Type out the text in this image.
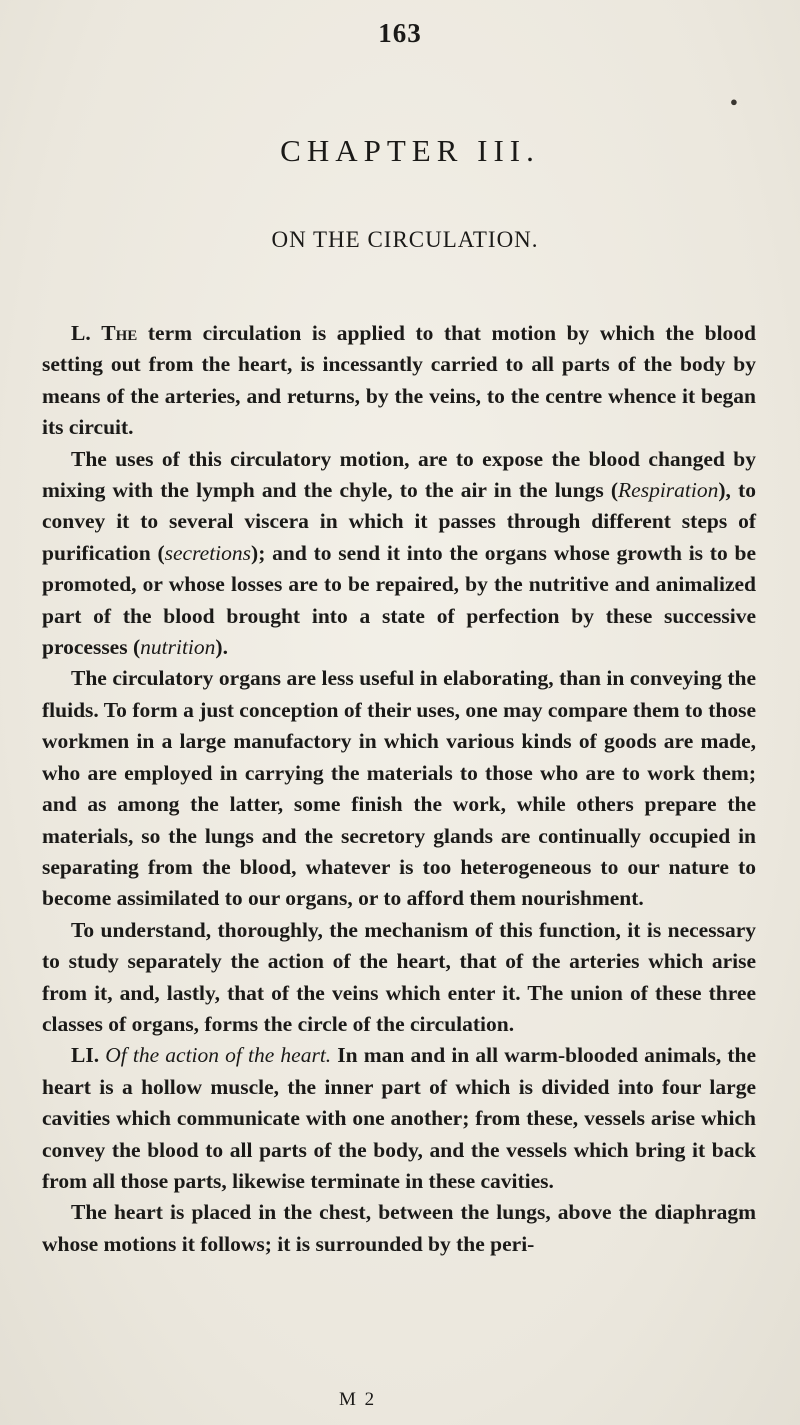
163
●
CHAPTER III.
ON THE CIRCULATION.

L. The term circulation is applied to that motion by which the blood setting out from the heart, is incessantly carried to all parts of the body by means of the arteries, and returns, by the veins, to the centre whence it began its circuit.

The uses of this circulatory motion, are to expose the blood changed by mixing with the lymph and the chyle, to the air in the lungs (Respiration), to convey it to several viscera in which it passes through different steps of purification (secretions); and to send it into the organs whose growth is to be promoted, or whose losses are to be repaired, by the nutritive and animalized part of the blood brought into a state of perfection by these successive processes (nutrition).

The circulatory organs are less useful in elaborating, than in conveying the fluids. To form a just conception of their uses, one may compare them to those workmen in a large manufactory in which various kinds of goods are made, who are employed in carrying the materials to those who are to work them; and as among the latter, some finish the work, while others prepare the materials, so the lungs and the secretory glands are continually occupied in separating from the blood, whatever is too heterogeneous to our nature to become assimilated to our organs, or to afford them nourishment.

To understand, thoroughly, the mechanism of this function, it is necessary to study separately the action of the heart, that of the arteries which arise from it, and, lastly, that of the veins which enter it. The union of these three classes of organs, forms the circle of the circulation.

LI. Of the action of the heart. In man and in all warm-blooded animals, the heart is a hollow muscle, the inner part of which is divided into four large cavities which communicate with one another; from these, vessels arise which convey the blood to all parts of the body, and the vessels which bring it back from all those parts, likewise terminate in these cavities.

The heart is placed in the chest, between the lungs, above the diaphragm whose motions it follows; it is surrounded by the peri-

M 2
